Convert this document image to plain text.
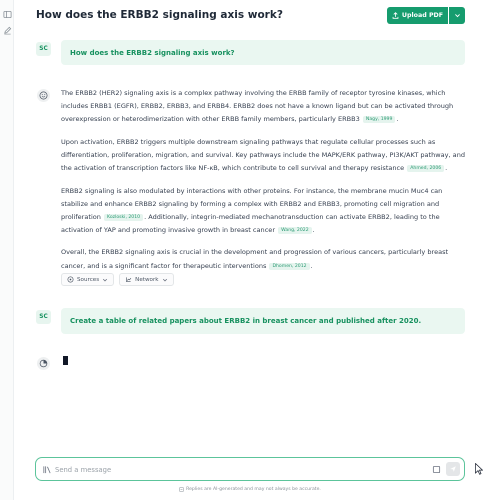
How does the ERBB2 signaling axis work?	Upload PDF
SC	How does the ERBB2 signaling axis work?

The ERBB2 (HER2) signaling axis is a complex pathway involving the ERBB family of receptor tyrosine kinases, which includes ERBB1 (EGFR), ERBB2, ERBB3, and ERBB4. ERBB2 does not have a known ligand but can be activated through overexpression or heterodimerization with other ERBB family members, particularly ERBB3 Nagy, 1999 .

Upon activation, ERBB2 triggers multiple downstream signaling pathways that regulate cellular processes such as differentiation, proliferation, migration, and survival. Key pathways include the MAPK/ERK pathway, PI3K/AKT pathway, and the activation of transcription factors like NF-κB, which contribute to cell survival and therapy resistance Ahmed, 2006 .

ERBB2 signaling is also modulated by interactions with other proteins. For instance, the membrane mucin Muc4 can stabilize and enhance ERBB2 signaling by forming a complex with ERBB2 and ERBB3, promoting cell migration and proliferation Kozloski, 2010 . Additionally, integrin-mediated mechanotransduction can activate ERBB2, leading to the activation of YAP and promoting invasive growth in breast cancer Wang, 2022 .

Overall, the ERBB2 signaling axis is crucial in the development and progression of various cancers, particularly breast cancer, and is a significant factor for therapeutic interventions Dhomen, 2012 .

Sources	Network
SC	Create a table of related papers about ERBB2 in breast cancer and published after 2020.
Send a message
Replies are AI-generated and may not always be accurate.
